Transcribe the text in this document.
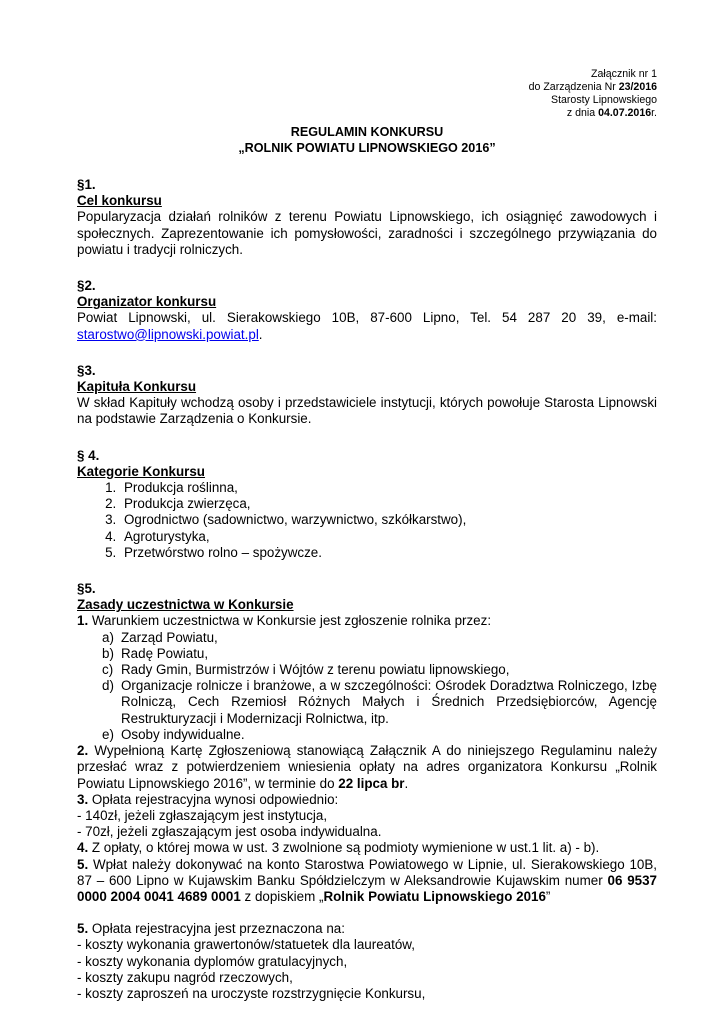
Załącznik nr 1
do Zarządzenia Nr 23/2016
Starosty Lipnowskiego
z dnia 04.07.2016r.
REGULAMIN KONKURSU
„ROLNIK POWIATU LIPNOWSKIEGO 2016”
§1.
Cel konkursu
Popularyzacja działań rolników z terenu Powiatu Lipnowskiego, ich osiągnięć zawodowych i społecznych. Zaprezentowanie ich pomysłowości, zaradności i szczególnego przywiązania do powiatu i tradycji rolniczych.
§2.
Organizator konkursu
Powiat Lipnowski, ul. Sierakowskiego 10B, 87-600 Lipno, Tel. 54 287 20 39, e-mail: starostwo@lipnowski.powiat.pl.
§3.
Kapituła Konkursu
W skład Kapituły wchodzą osoby i przedstawiciele instytucji, których powołuje Starosta Lipnowski na podstawie Zarządzenia o Konkursie.
§ 4.
Kategorie Konkursu
1. Produkcja roślinna,
2. Produkcja zwierzęca,
3. Ogrodnictwo (sadownictwo, warzywnictwo, szkółkarstwo),
4. Agroturystyka,
5. Przetwórstwo rolno – spożywcze.
§5.
Zasady uczestnictwa w Konkursie
1. Warunkiem uczestnictwa w Konkursie jest zgłoszenie rolnika przez:
a) Zarząd Powiatu,
b) Radę Powiatu,
c) Rady Gmin, Burmistrzów i Wójtów z terenu powiatu lipnowskiego,
d) Organizacje rolnicze i branżowe, a w szczególności: Ośrodek Doradztwa Rolniczego, Izbę Rolniczą, Cech Rzemiosł Różnych Małych i Średnich Przedsiębiorców, Agencję Restrukturyzacji i Modernizacji Rolnictwa, itp.
e) Osoby indywidualne.
2. Wypełnioną Kartę Zgłoszeniową stanowiącą Załącznik A do niniejszego Regulaminu należy przesłać wraz z potwierdzeniem wniesienia opłaty na adres organizatora Konkursu „Rolnik Powiatu Lipnowskiego 2016”, w terminie do 22 lipca br.
3. Opłata rejestracyjna wynosi odpowiednio:
- 140zł, jeżeli zgłaszającym jest instytucja,
- 70zł, jeżeli zgłaszającym jest osoba indywidualna.
4. Z opłaty, o której mowa w ust. 3 zwolnione są podmioty wymienione w ust.1 lit. a) - b).
5. Wpłat należy dokonywać na konto Starostwa Powiatowego w Lipnie, ul. Sierakowskiego 10B, 87 – 600 Lipno w Kujawskim Banku Spółdzielczym w Aleksandrowie Kujawskim numer 06 9537 0000 2004 0041 4689 0001 z dopiskiem „Rolnik Powiatu Lipnowskiego 2016”
5. Opłata rejestracyjna jest przeznaczona na:
- koszty wykonania grawertonów/statuetek dla laureatów,
- koszty wykonania dyplomów gratulacyjnych,
- koszty zakupu nagród rzeczowych,
- koszty zaproszeń na uroczyste rozstrzygnięcie Konkursu,
